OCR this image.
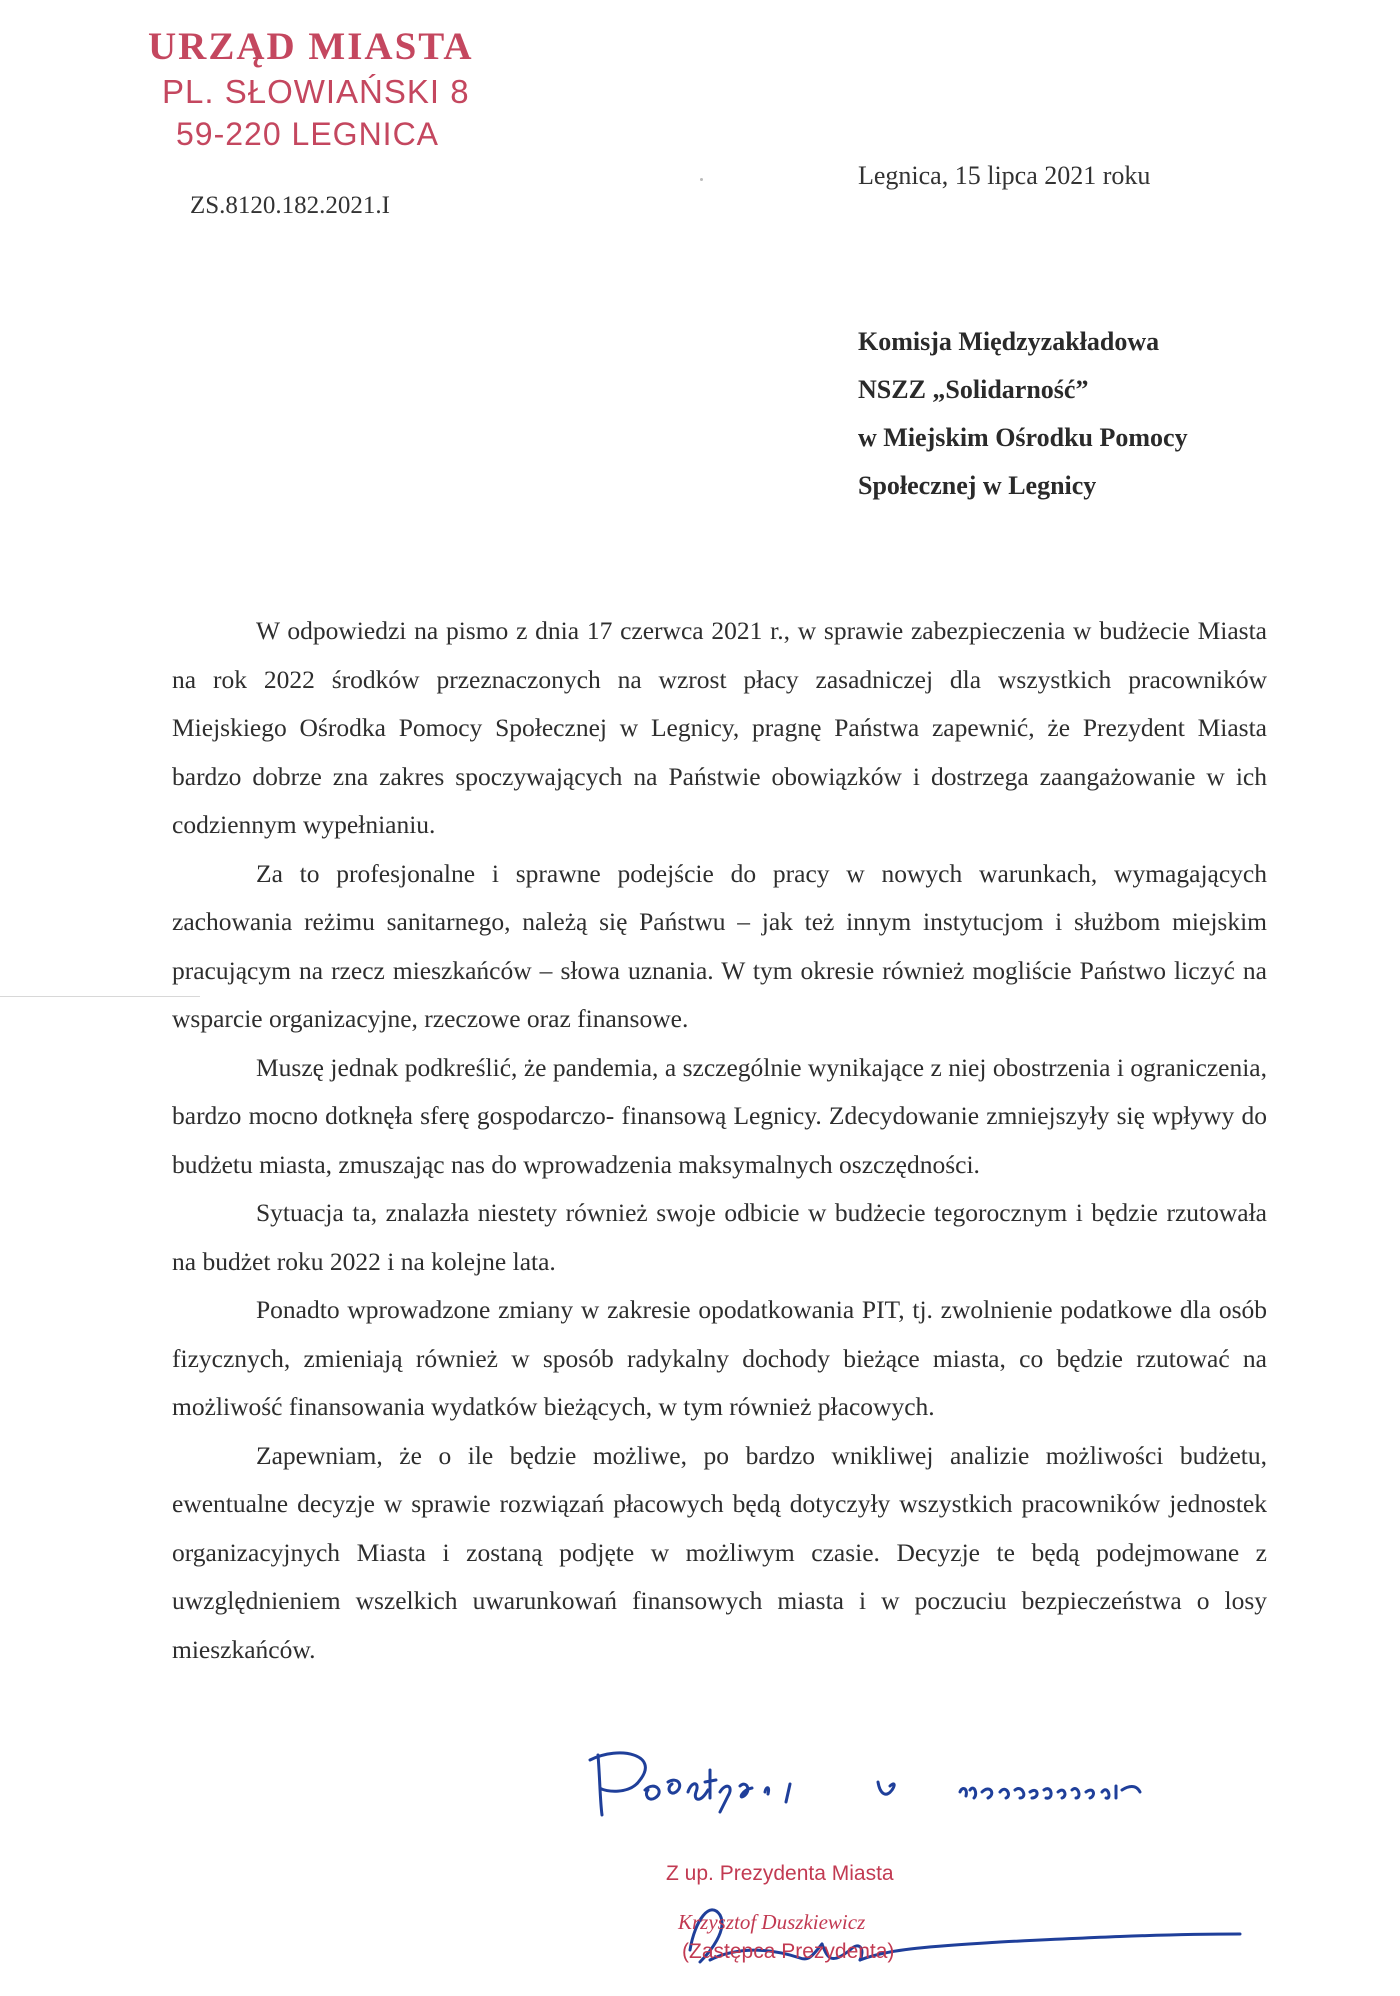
URZĄD MIASTA
PL. SŁOWIAŃSKI 8
59-220 LEGNICA
ZS.8120.182.2021.I
Legnica, 15 lipca 2021 roku
Komisja Międzyzakładowa
NSZZ „Solidarność”
w Miejskim Ośrodku Pomocy
Społecznej w Legnicy

W odpowiedzi na pismo z dnia 17 czerwca 2021 r., w sprawie zabezpieczenia w budżecie Miasta na rok 2022 środków przeznaczonych na wzrost płacy zasadniczej dla wszystkich pracowników Miejskiego Ośrodka Pomocy Społecznej w Legnicy, pragnę Państwa zapewnić, że Prezydent Miasta bardzo dobrze zna zakres spoczywających na Państwie obowiązków i dostrzega zaangażowanie w ich codziennym wypełnianiu.

Za to profesjonalne i sprawne podejście do pracy w nowych warunkach, wymagających zachowania reżimu sanitarnego, należą się Państwu – jak też innym instytucjom i służbom miejskim pracującym na rzecz mieszkańców – słowa uznania. W tym okresie również mogliście Państwo liczyć na wsparcie organizacyjne, rzeczowe oraz finansowe.

Muszę jednak podkreślić, że pandemia, a szczególnie wynikające z niej obostrzenia i ograniczenia, bardzo mocno dotknęła sferę gospodarczo- finansową Legnicy. Zdecydowanie zmniejszyły się wpływy do budżetu miasta, zmuszając nas do wprowadzenia maksymalnych oszczędności.

Sytuacja ta, znalazła niestety również swoje odbicie w budżecie tegorocznym i będzie rzutowała na budżet roku 2022 i na kolejne lata.

Ponadto wprowadzone zmiany w zakresie opodatkowania PIT, tj. zwolnienie podatkowe dla osób fizycznych, zmieniają również w sposób radykalny dochody bieżące miasta, co będzie rzutować na możliwość finansowania wydatków bieżących, w tym również płacowych.

Zapewniam, że o ile będzie możliwe, po bardzo wnikliwej analizie możliwości budżetu, ewentualne decyzje w sprawie rozwiązań płacowych będą dotyczyły wszystkich pracowników jednostek organizacyjnych Miasta i zostaną podjęte w możliwym czasie. Decyzje te będą podejmowane z uwzględnieniem wszelkich uwarunkowań finansowych miasta i w poczuciu bezpieczeństwa o losy mieszkańców.

Z up. Prezydenta Miasta
Krzysztof Duszkiewicz
(Zastępca Prezydenta)
